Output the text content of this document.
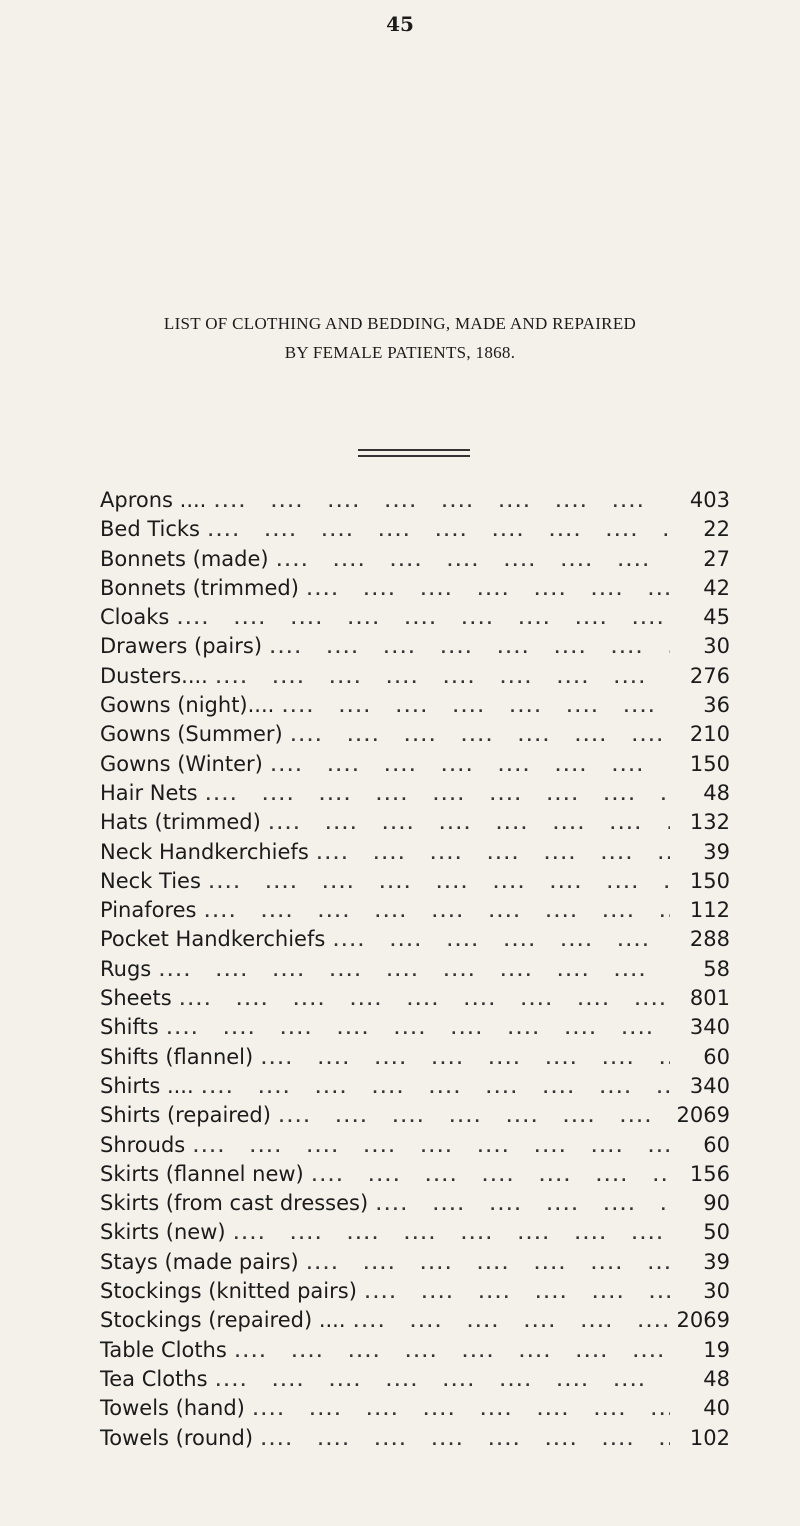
45
LIST OF CLOTHING AND BEDDING, MADE AND REPAIRED
BY FEMALE PATIENTS, 1868.
Aprons .... ....	403
Bed Ticks ....	22
Bonnets (made) ....	27
Bonnets (trimmed) ....	42
Cloaks ....	45
Drawers (pairs) ....	30
Dusters.... ....	276
Gowns (night).... ....	36
Gowns (Summer) ....	210
Gowns (Winter) ....	150
Hair Nets ....	48
Hats (trimmed) ....	132
Neck Handkerchiefs ....	39
Neck Ties ....	150
Pinafores ....	112
Pocket Handkerchiefs ....	288
Rugs ....	58
Sheets ....	801
Shifts ....	340
Shifts (flannel) ....	60
Shirts .... ....	340
Shirts (repaired) ....	2069
Shrouds ....	60
Skirts (flannel new) ....	156
Skirts (from cast dresses) ....	90
Skirts (new) ....	50
Stays (made pairs) ....	39
Stockings (knitted pairs) ....	30
Stockings (repaired) .... ....	2069
Table Cloths ....	19
Tea Cloths ....	48
Towels (hand) ....	40
Towels (round) ....	102
